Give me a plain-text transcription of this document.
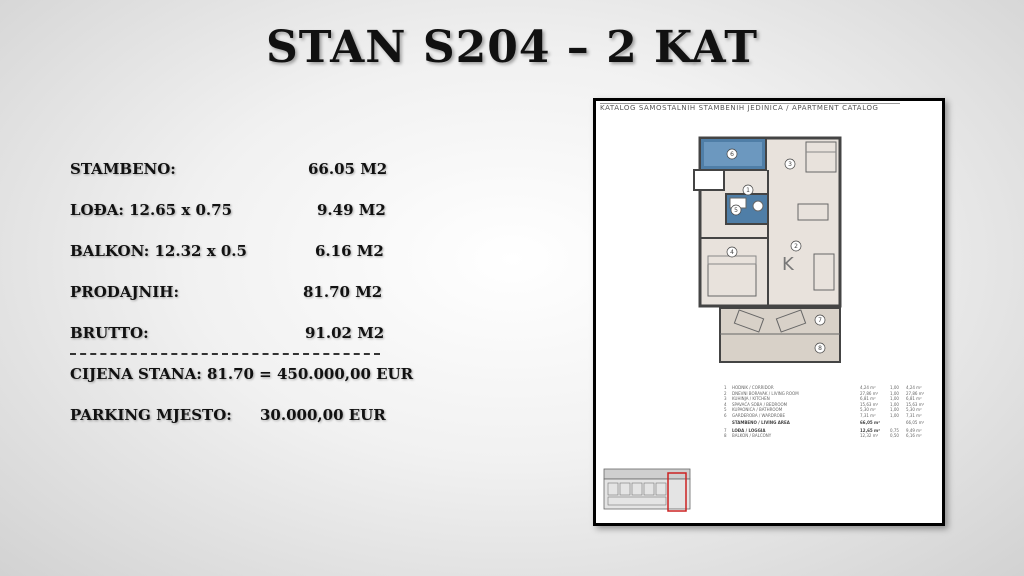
STAN S204 – 2 KAT
STAMBENO:	66.05 M2
LOĐA: 12.65 x 0.75	9.49 M2
BALKON: 12.32 x 0.5	6.16 M2
PRODAJNIH:	81.70 M2
BRUTTO:	91.02 M2
CIJENA STANA: 81.70 = 450.000,00 EUR
PARKING MJESTO: 30.000,00 EUR
KATALOG SAMOSTALNIH STAMBENIH JEDINICA / APARTMENT CATALOG
K
1
2
3
4
5
6
7
8
1	HODNIK / CORRIDOR	4,24 m²	1,00	4,24 m²
2	DNEVNI BORAVAK / LIVING ROOM	27,86 m²	1,00	27,86 m²
3	KUHINJA / KITCHEN	6,81 m²	1,00	6,81 m²
4	SPAVAĆA SOBA / BEDROOM	15,63 m²	1,00	15,63 m²
5	KUPAONICA / BATHROOM	5,30 m²	1,00	5,30 m²
6	GARDEROBA / WARDROBE	7,31 m²	1,00	7,31 m²
STAMBENO / LIVING AREA	66,05 m²	66,05 m²
7	LOĐA / LOGGIA	12,65 m²	0,75	9,49 m²
8	BALKON / BALCONY	12,32 m²	0,50	6,16 m²
